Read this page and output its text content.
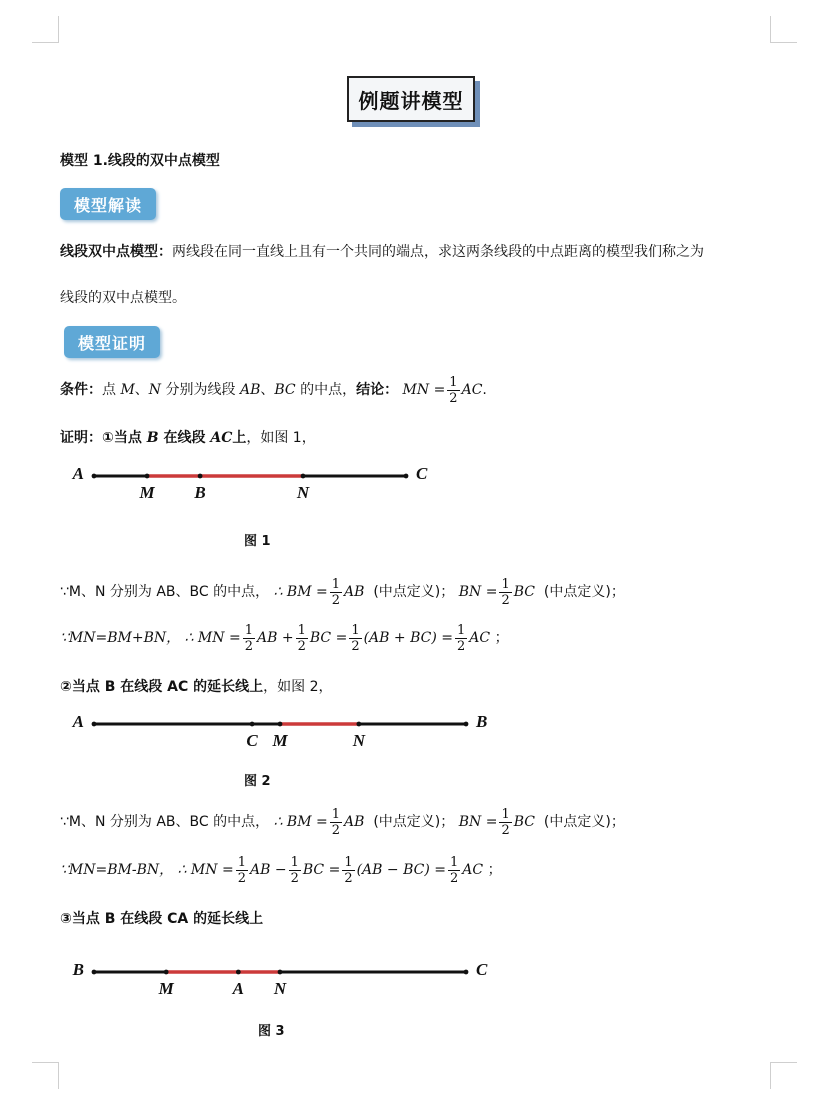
例题讲模型
模型 1.线段的双中点模型
模型解读
线段双中点模型：两线段在同一直线上且有一个共同的端点，求这两条线段的中点距离的模型我们称之为
线段的双中点模型。
模型证明
条件： 点
M 、 N
分别为线段
AB 、 BC
的中点， 结论：
MN = $\frac{1}{2}$ AC .
证明：①当点 B 在线段 AC上，如图 1，
A
M B	N
C
图 1
∵M、N 分别为 AB、BC 的中点，
∴ BM = $\frac{1}{2}$ AB
(中点定义)；
BN = $\frac{1}{2}$ BC
(中点定义)；
∵MN=BM+BN，
∴ MN = $\frac{1}{2}$ AB + $\frac{1}{2}$ BC = $\frac{1}{2} (AB + BC) = \frac{1}{2}$ AC
；
②当点 B 在线段 AC 的延长线上，如图 2，
A
C M	N
B
图 2
∵M、N 分别为 AB、BC 的中点，
∴ BM = $\frac{1}{2}$ AB
(中点定义)；
BN = $\frac{1}{2}$ BC
(中点定义)；
∵MN=BM-BN，
∴ MN = $\frac{1}{2}$ AB − $\frac{1}{2}$ BC = $\frac{1}{2} (AB - BC) = \frac{1}{2}$ AC
；
③当点 B 在线段 CA 的延长线上
B
M	A N
C
图 3
